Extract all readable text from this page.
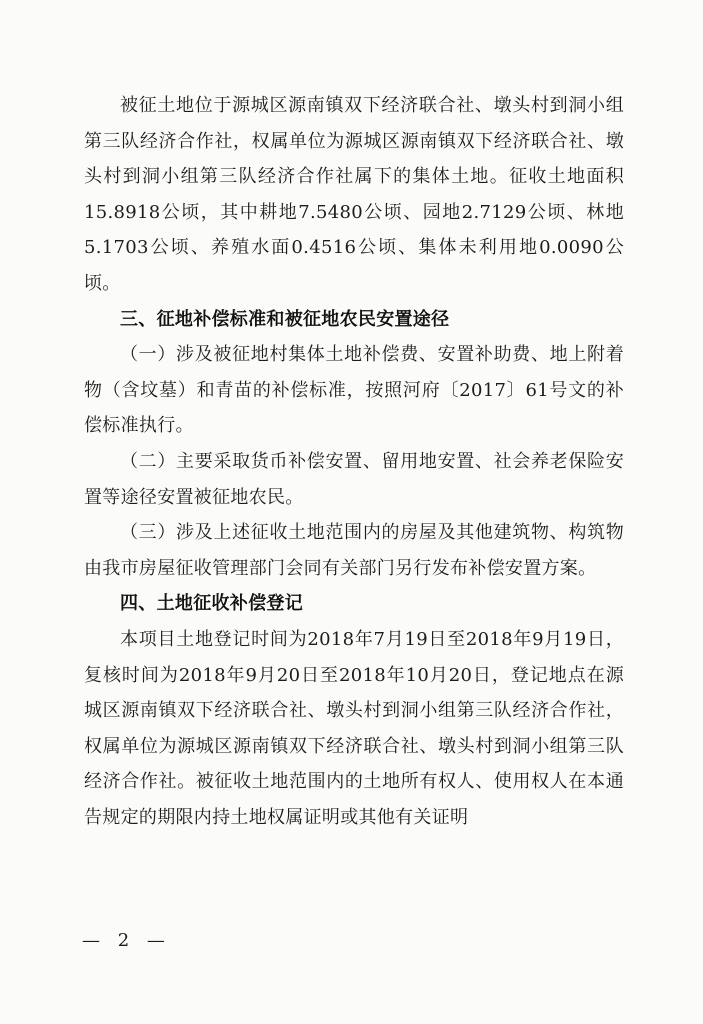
被征土地位于源城区源南镇双下经济联合社、墩头村到洞小组第三队经济合作社，权属单位为源城区源南镇双下经济联合社、墩头村到洞小组第三队经济合作社属下的集体土地。征收土地面积15.8918公顷，其中耕地7.5480公顷、园地2.7129公顷、林地5.1703公顷、养殖水面0.4516公顷、集体未利用地0.0090公顷。

三、征地补偿标准和被征地农民安置途径

（一）涉及被征地村集体土地补偿费、安置补助费、地上附着物（含坟墓）和青苗的补偿标准，按照河府〔2017〕61号文的补偿标准执行。

（二）主要采取货币补偿安置、留用地安置、社会养老保险安置等途径安置被征地农民。

（三）涉及上述征收土地范围内的房屋及其他建筑物、构筑物由我市房屋征收管理部门会同有关部门另行发布补偿安置方案。

四、土地征收补偿登记

本项目土地登记时间为2018年7月19日至2018年9月19日，复核时间为2018年9月20日至2018年10月20日，登记地点在源城区源南镇双下经济联合社、墩头村到洞小组第三队经济合作社，权属单位为源城区源南镇双下经济联合社、墩头村到洞小组第三队经济合作社。被征收土地范围内的土地所有权人、使用权人在本通告规定的期限内持土地权属证明或其他有关证明

— 2 —
